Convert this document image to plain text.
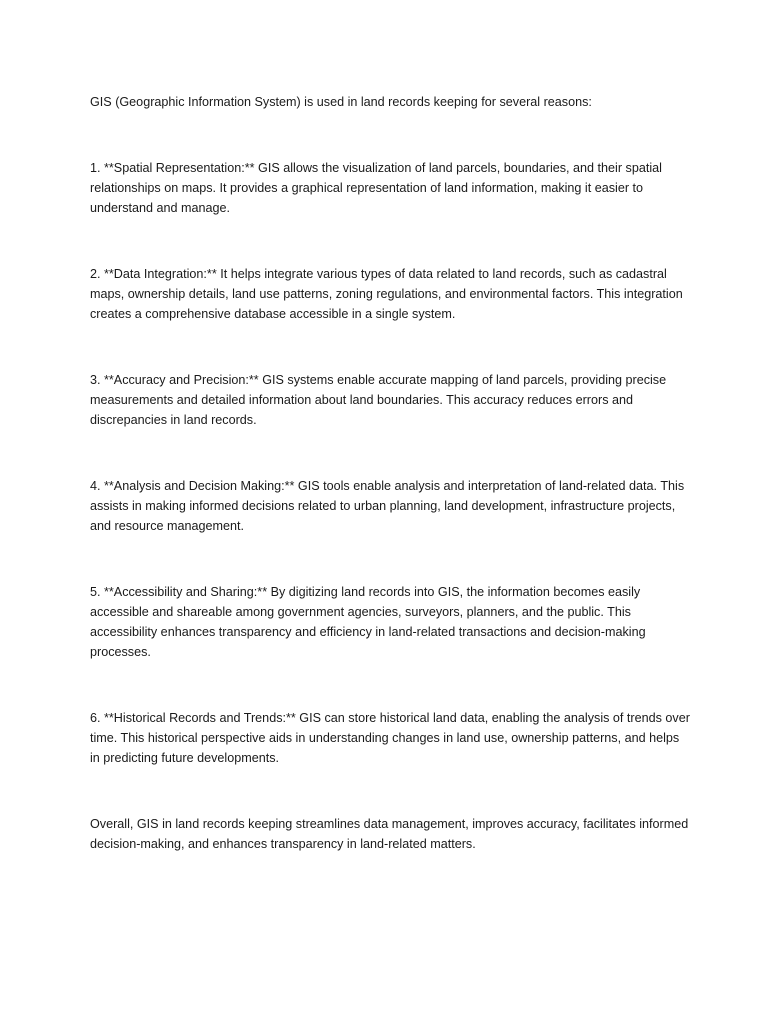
GIS (Geographic Information System) is used in land records keeping for several reasons:

1. **Spatial Representation:** GIS allows the visualization of land parcels, boundaries, and their spatial relationships on maps. It provides a graphical representation of land information, making it easier to understand and manage.

2. **Data Integration:** It helps integrate various types of data related to land records, such as cadastral maps, ownership details, land use patterns, zoning regulations, and environmental factors. This integration creates a comprehensive database accessible in a single system.

3. **Accuracy and Precision:** GIS systems enable accurate mapping of land parcels, providing precise measurements and detailed information about land boundaries. This accuracy reduces errors and discrepancies in land records.

4. **Analysis and Decision Making:** GIS tools enable analysis and interpretation of land-related data. This assists in making informed decisions related to urban planning, land development, infrastructure projects, and resource management.

5. **Accessibility and Sharing:** By digitizing land records into GIS, the information becomes easily accessible and shareable among government agencies, surveyors, planners, and the public. This accessibility enhances transparency and efficiency in land-related transactions and decision-making processes.

6. **Historical Records and Trends:** GIS can store historical land data, enabling the analysis of trends over time. This historical perspective aids in understanding changes in land use, ownership patterns, and helps in predicting future developments.

Overall, GIS in land records keeping streamlines data management, improves accuracy, facilitates informed decision-making, and enhances transparency in land-related matters.
